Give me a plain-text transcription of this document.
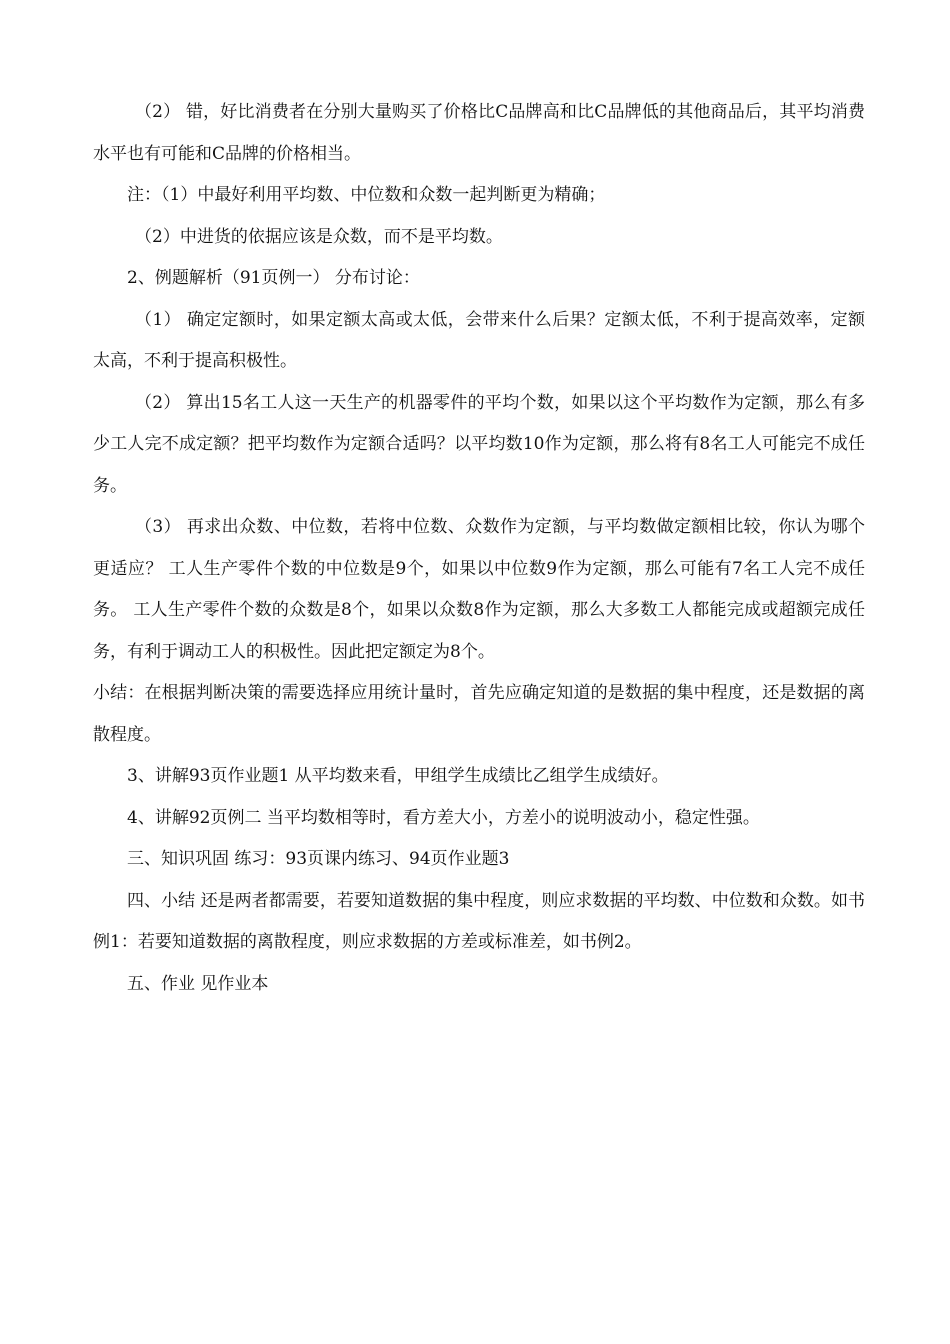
（2） 错，好比消费者在分别大量购买了价格比C品牌高和比C品牌低的其他商品后，其平均消费水平也有可能和C品牌的价格相当。

注：（1）中最好利用平均数、中位数和众数一起判断更为精确；

（2）中进货的依据应该是众数，而不是平均数。

2、例题解析（91页例一） 分布讨论：

（1） 确定定额时，如果定额太高或太低，会带来什么后果？定额太低，不利于提高效率，定额太高，不利于提高积极性。

（2） 算出15名工人这一天生产的机器零件的平均个数，如果以这个平均数作为定额，那么有多少工人完不成定额？把平均数作为定额合适吗？以平均数10作为定额，那么将有8名工人可能完不成任务。

（3） 再求出众数、中位数，若将中位数、众数作为定额，与平均数做定额相比较，你认为哪个更适应？ 工人生产零件个数的中位数是9个，如果以中位数9作为定额，那么可能有7名工人完不成任务。 工人生产零件个数的众数是8个，如果以众数8作为定额，那么大多数工人都能完成或超额完成任务，有利于调动工人的积极性。因此把定额定为8个。

小结：在根据判断决策的需要选择应用统计量时，首先应确定知道的是数据的集中程度，还是数据的离散程度。

3、讲解93页作业题1 从平均数来看，甲组学生成绩比乙组学生成绩好。

4、讲解92页例二 当平均数相等时，看方差大小，方差小的说明波动小，稳定性强。

三、知识巩固 练习：93页课内练习、94页作业题3

四、小结 还是两者都需要，若要知道数据的集中程度，则应求数据的平均数、中位数和众数。如书例1：若要知道数据的离散程度，则应求数据的方差或标准差，如书例2。

五、作业 见作业本
